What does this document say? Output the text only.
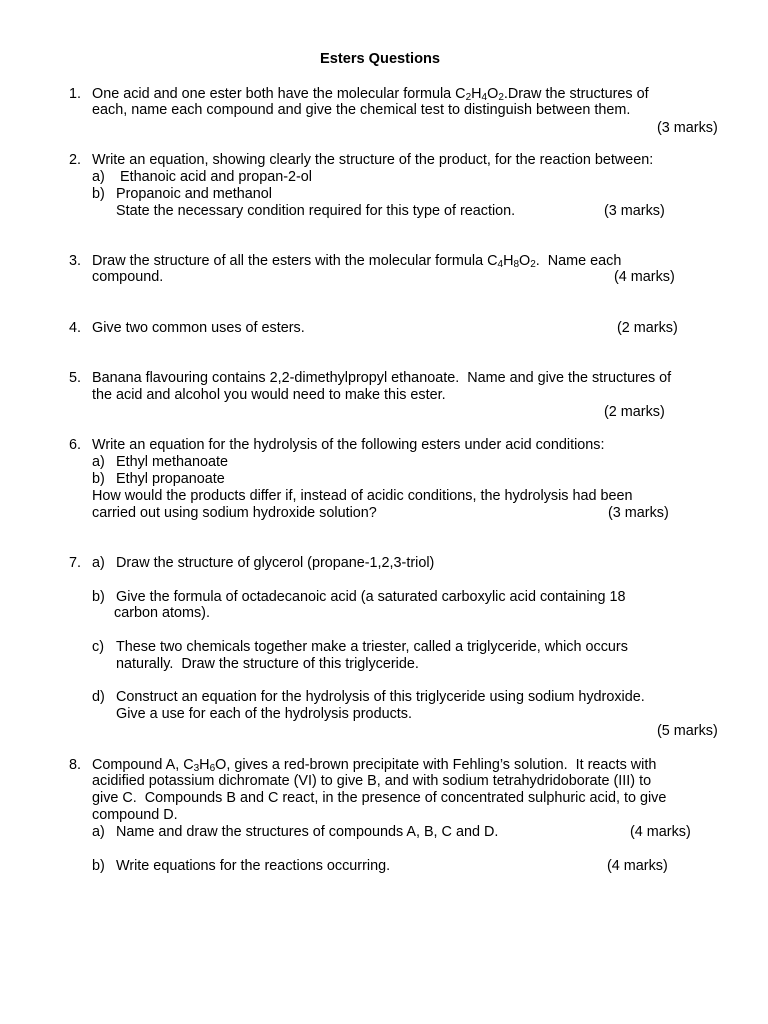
Esters Questions
1. One acid and one ester both have the molecular formula $C_2H_4O_2.Draw$ the structures of
each, name each compound and give the chemical test to distinguish between them.
(3 marks)
2. Write an equation, showing clearly the structure of the product, for the reaction between:
a) Ethanoic acid and propan-2-ol
b) Propanoic and methanol
State the necessary condition required for this type of reaction.	(3 marks)
3. Draw the structure of all the esters with the molecular formula $C_4H_8O_2$.  Name each
compound.	(4 marks)
4. Give two common uses of esters.	(2 marks)
5. Banana flavouring contains 2,2-dimethylpropyl ethanoate.  Name and give the structures of
the acid and alcohol you would need to make this ester.
(2 marks)
6. Write an equation for the hydrolysis of the following esters under acid conditions:
a) Ethyl methanoate
b) Ethyl propanoate
How would the products differ if, instead of acidic conditions, the hydrolysis had been
carried out using sodium hydroxide solution?	(3 marks)
7. a) Draw the structure of glycerol (propane-1,2,3-triol)
b) Give the formula of octadecanoic acid (a saturated carboxylic acid containing 18
carbon atoms).
c) These two chemicals together make a triester, called a triglyceride, which occurs
naturally.  Draw the structure of this triglyceride.
d) Construct an equation for the hydrolysis of this triglyceride using sodium hydroxide.
Give a use for each of the hydrolysis products.
(5 marks)
8. Compound A, $C_3H_6O$, gives a red-brown precipitate with Fehling’s solution.  It reacts with
acidified potassium dichromate (VI) to give B, and with sodium tetrahydridoborate (III) to
give C.  Compounds B and C react, in the presence of concentrated sulphuric acid, to give
compound D.
a) Name and draw the structures of compounds A, B, C and D.	(4 marks)
b) Write equations for the reactions occurring.	(4 marks)
